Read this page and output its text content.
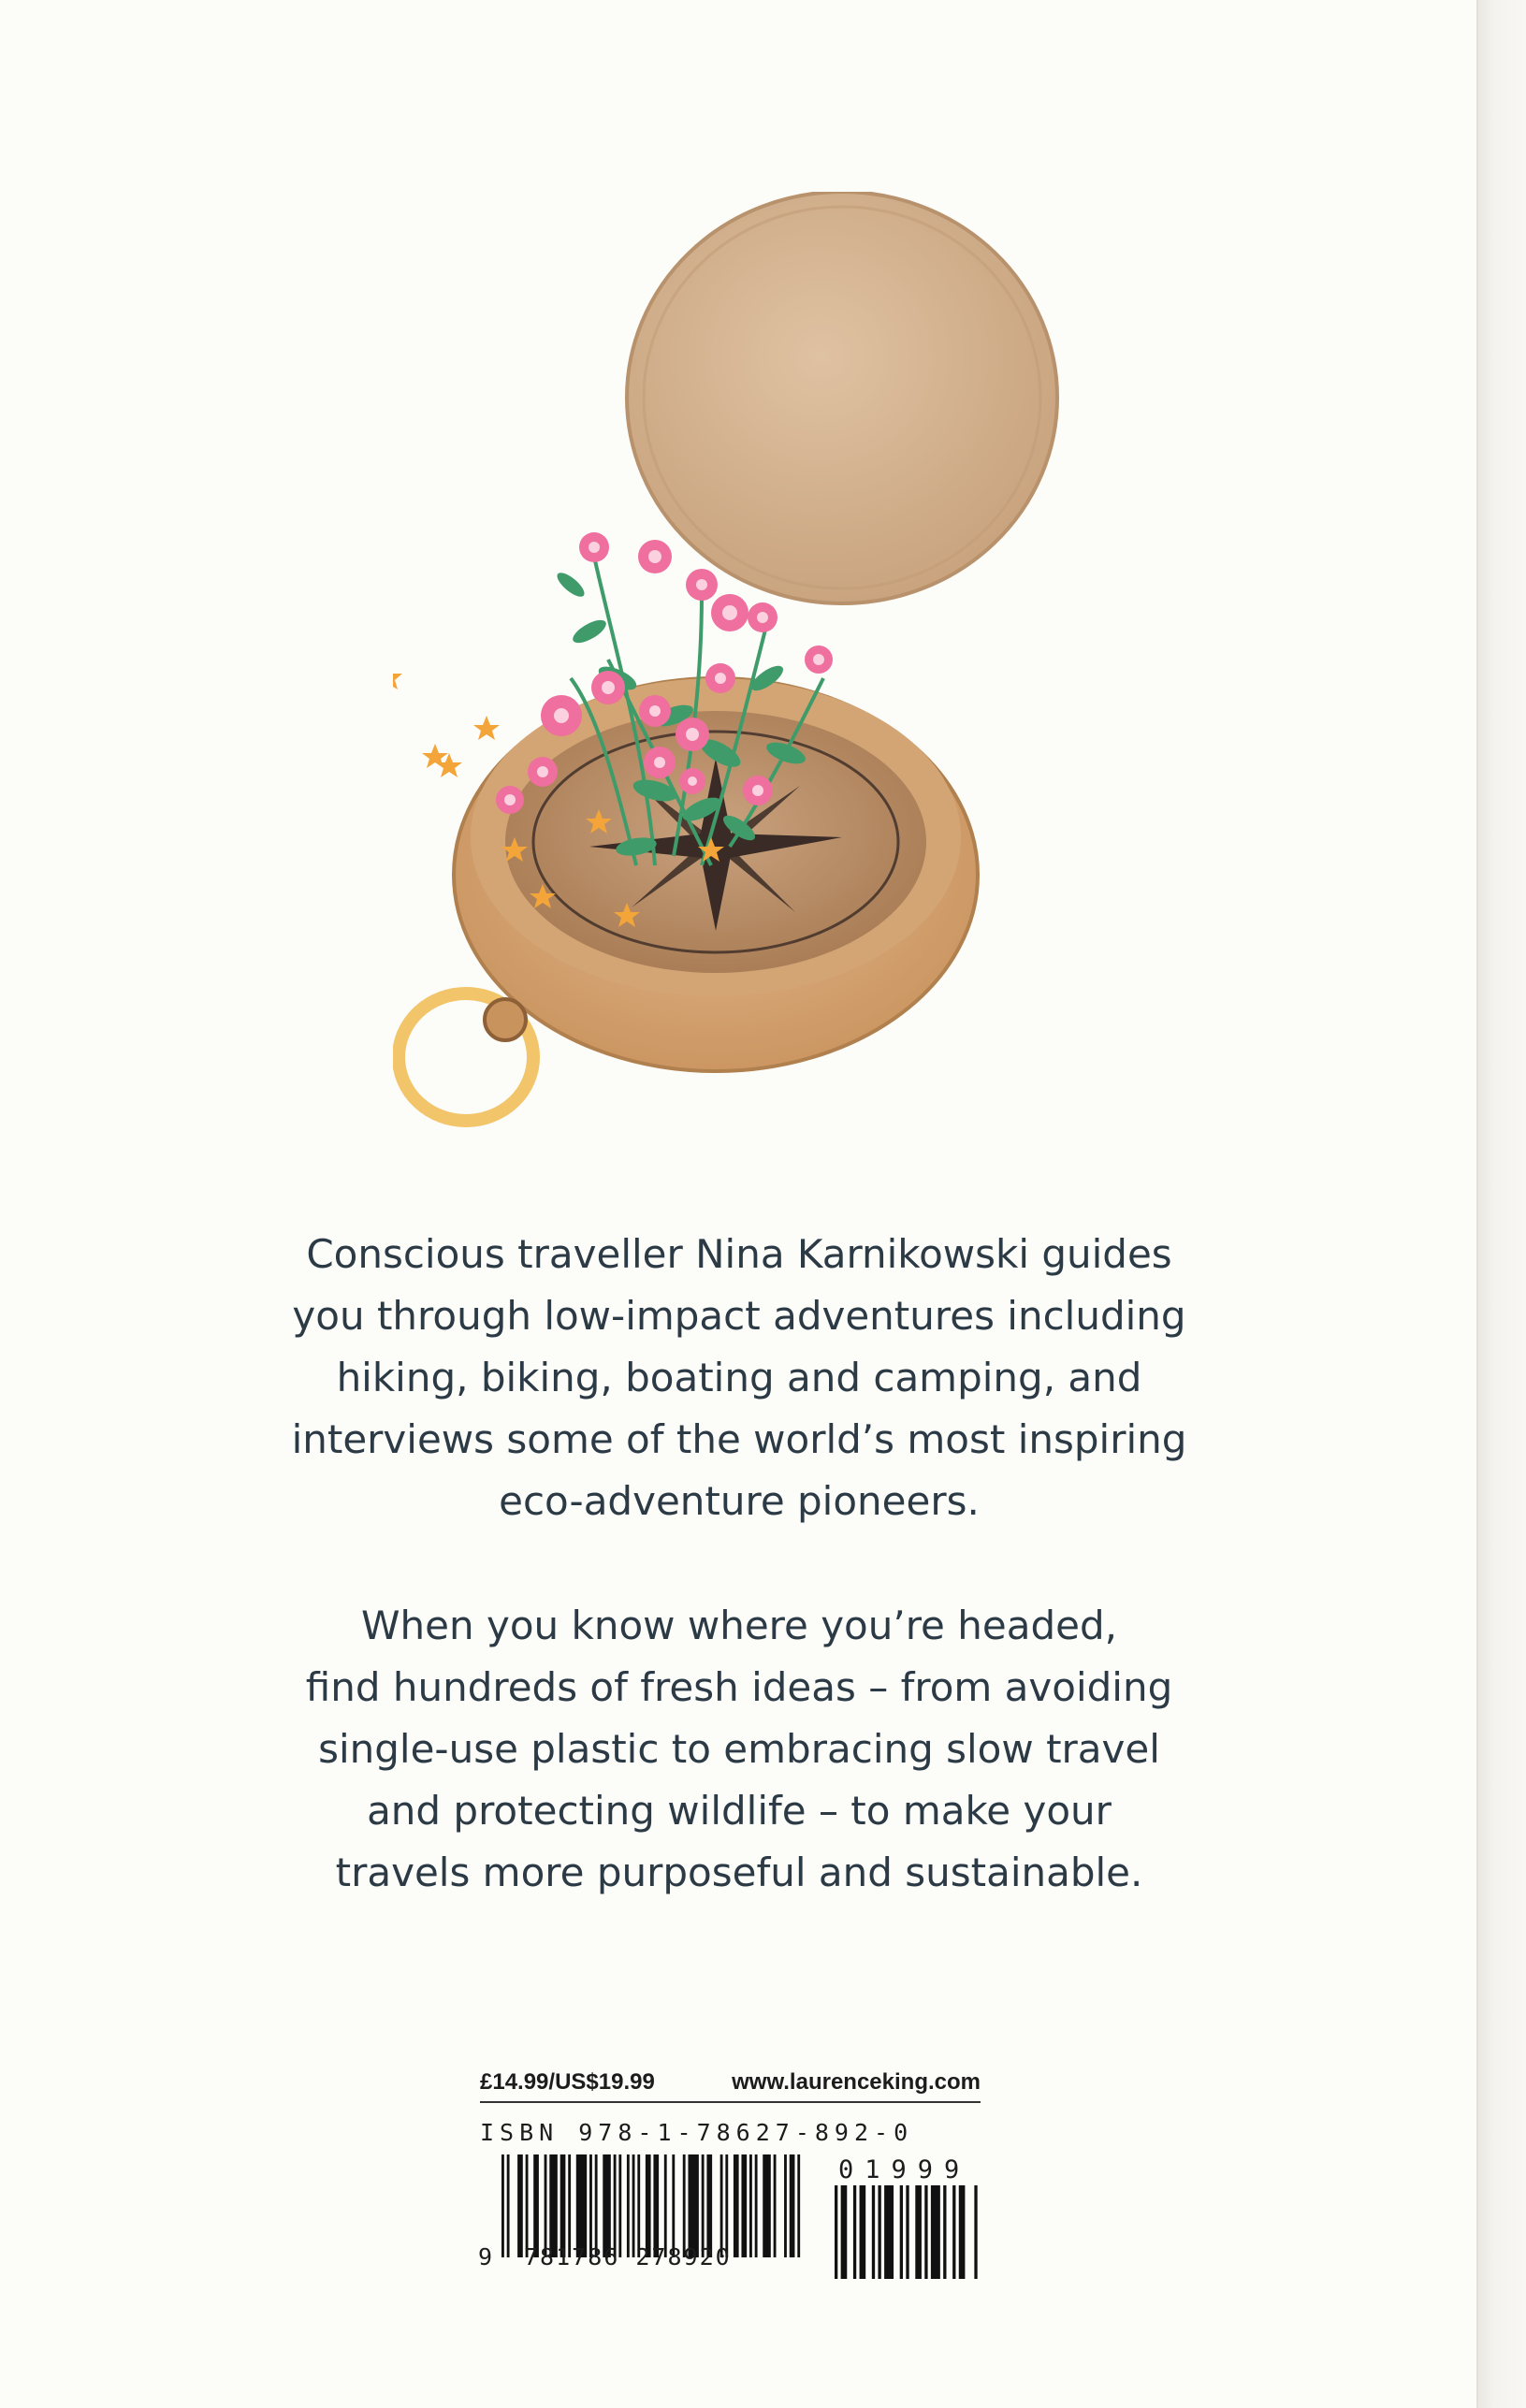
Conscious traveller Nina Karnikowski guides
you through low-impact adventures including
hiking, biking, boating and camping, and
interviews some of the world’s most inspiring
eco-adventure pioneers.

When you know where you’re headed,
find hundreds of fresh ideas – from avoiding
single-use plastic to embracing slow travel
and protecting wildlife – to make your
travels more purposeful and sustainable.

£14.99/US$19.99	www.laurenceking.com
ISBN 978-1-78627-892-0
9 781786 278920
01999
